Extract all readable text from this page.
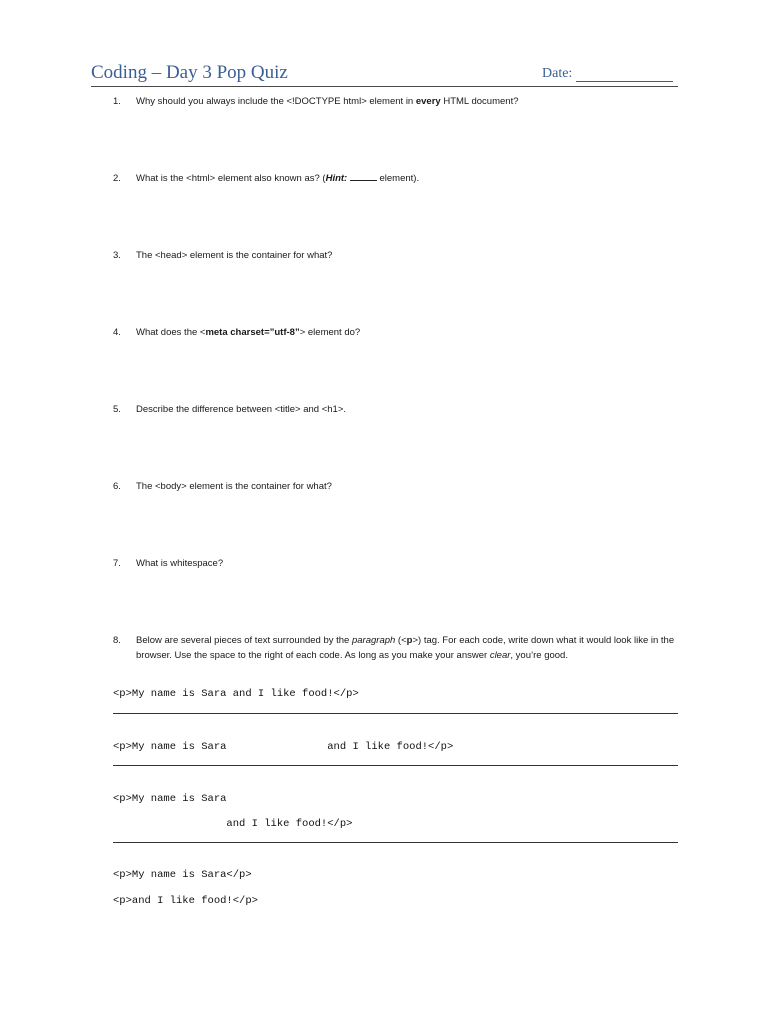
Coding – Day 3 Pop Quiz	Date:
1. Why should you always include the <!DOCTYPE html> element in every HTML document?
2. What is the <html> element also known as? (Hint:	element).
3. The <head> element is the container for what?
4. What does the <meta charset=”utf-8”> element do?
5. Describe the difference between <title> and <h1>.
6. The <body> element is the container for what?
7. What is whitespace?
8. Below are several pieces of text surrounded by the paragraph (<p>) tag. For each code, write down what it would look like in the browser. Use the space to the right of each code. As long as you make your answer clear, you’re good.
<p>My name is Sara and I like food!</p>
<p>My name is Sara                and I like food!</p>
<p>My name is Sara
and I like food!</p>
<p>My name is Sara</p>
<p>and I like food!</p>
